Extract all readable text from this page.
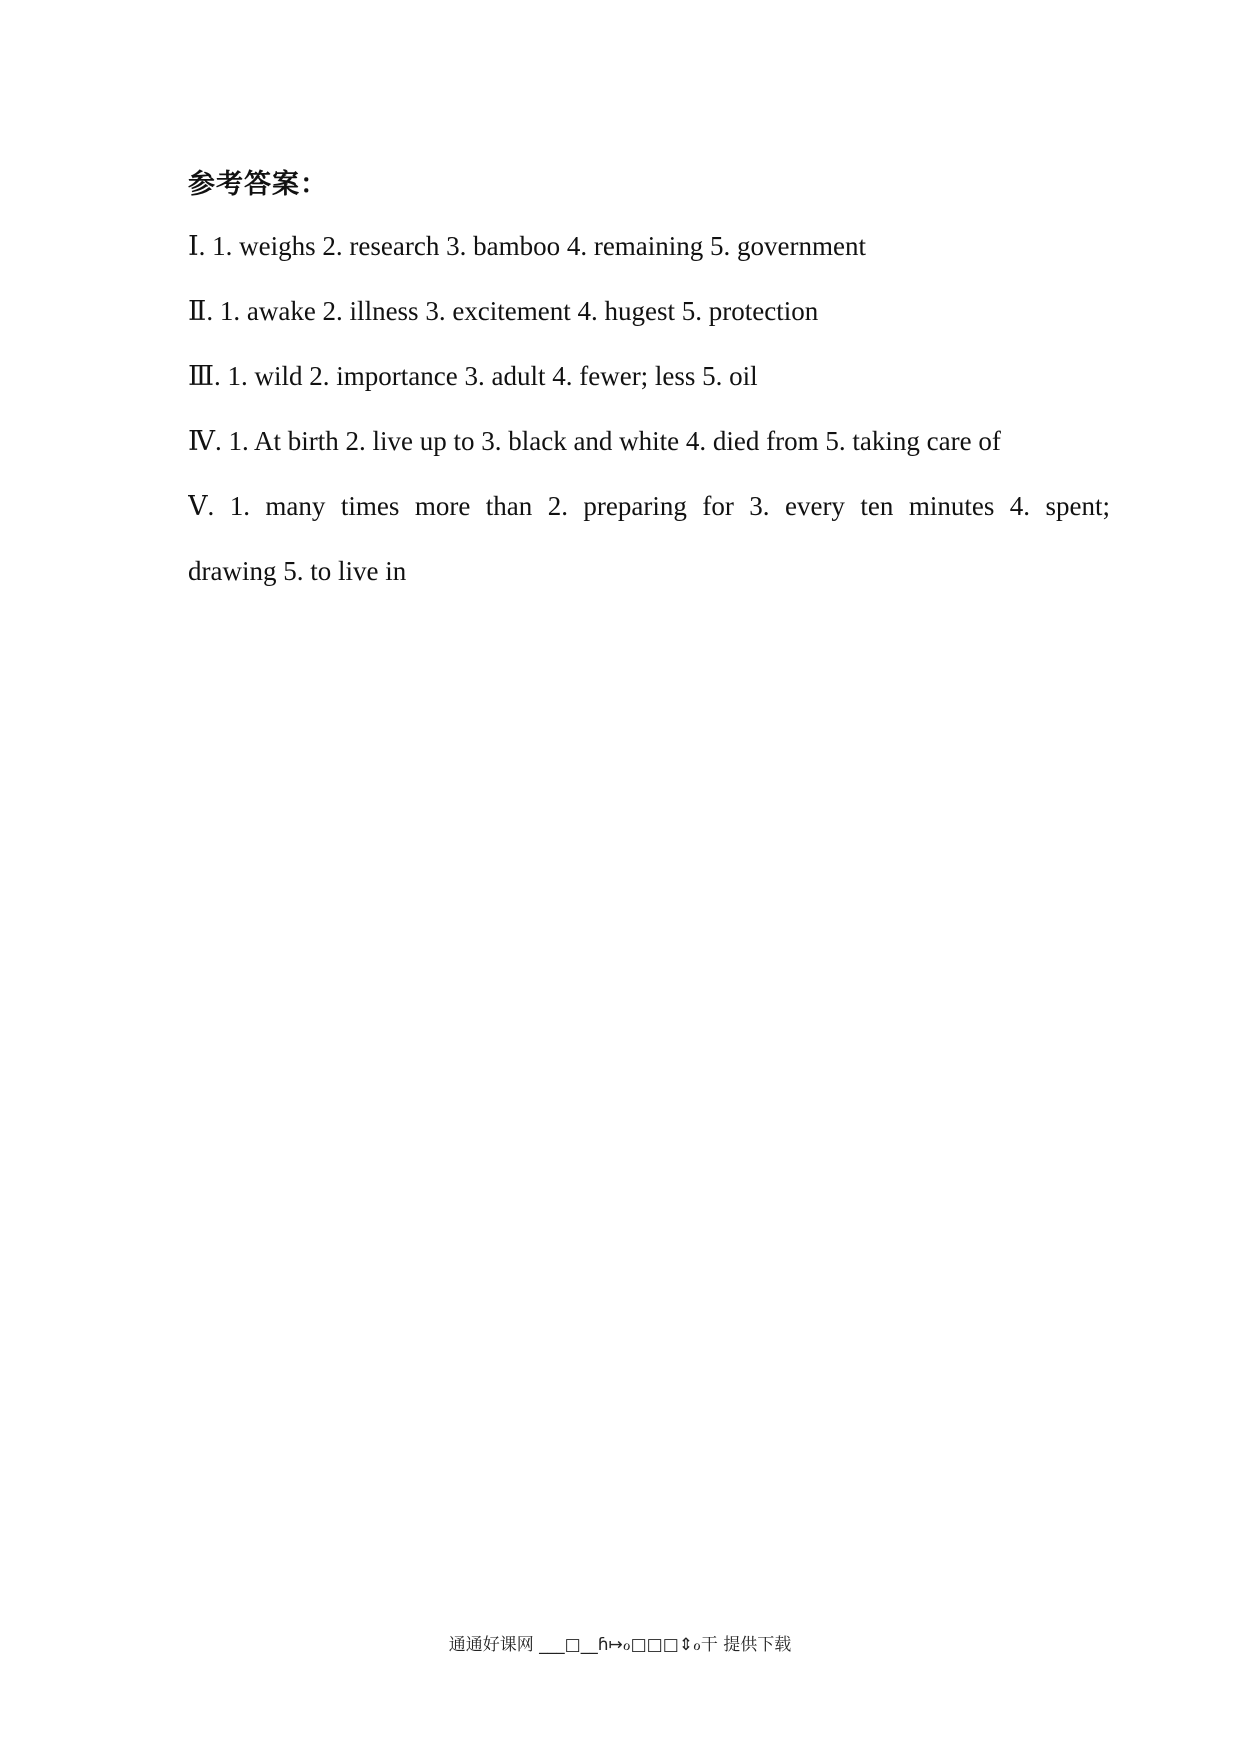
参考答案：
Ⅰ. 1. weighs 2. research 3. bamboo 4. remaining 5. government
Ⅱ. 1. awake 2. illness 3. excitement 4. hugest 5. protection
Ⅲ. 1. wild 2. importance 3. adult 4. fewer; less 5. oil
Ⅳ. 1. At birth 2. live up to 3. black and white 4. died from 5. taking care of
Ⅴ. 1. many times more than 2. preparing for 3. every ten minutes 4. spent;
drawing 5. to live in
通通好课网 ___□__ɦ↦ℴ□□□⇕ℴ干 提供下载
